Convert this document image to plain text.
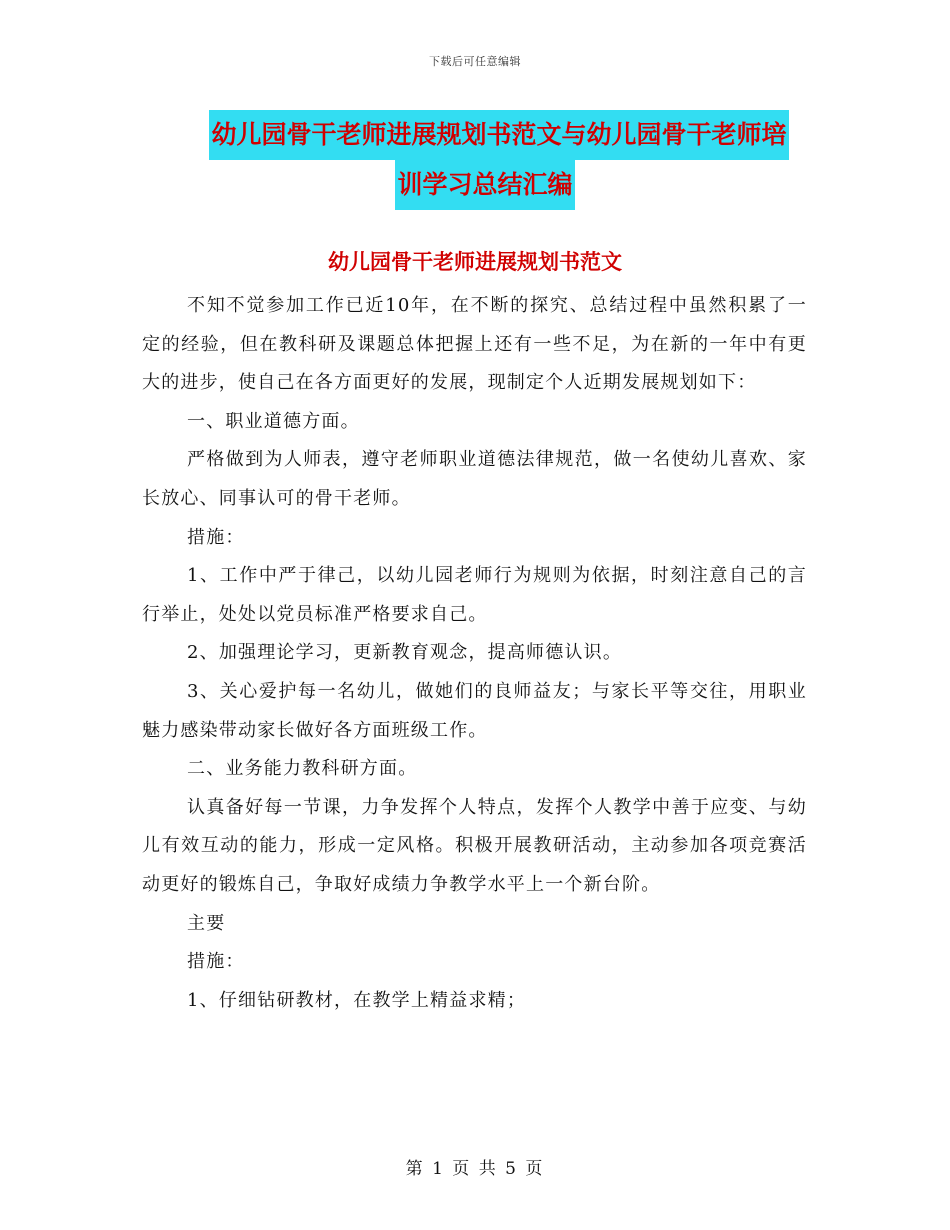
下载后可任意编辑
幼儿园骨干老师进展规划书范文与幼儿园骨干老师培
训学习总结汇编
幼儿园骨干老师进展规划书范文

不知不觉参加工作已近10年，在不断的探究、总结过程中虽然积累了一定的经验，但在教科研及课题总体把握上还有一些不足，为在新的一年中有更大的进步，使自己在各方面更好的发展，现制定个人近期发展规划如下：

一、职业道德方面。

严格做到为人师表，遵守老师职业道德法律规范，做一名使幼儿喜欢、家长放心、同事认可的骨干老师。

措施：

1、工作中严于律己，以幼儿园老师行为规则为依据，时刻注意自己的言行举止，处处以党员标准严格要求自己。

2、加强理论学习，更新教育观念，提高师德认识。

3、关心爱护每一名幼儿，做她们的良师益友；与家长平等交往，用职业魅力感染带动家长做好各方面班级工作。

二、业务能力教科研方面。

认真备好每一节课，力争发挥个人特点，发挥个人教学中善于应变、与幼儿有效互动的能力，形成一定风格。积极开展教研活动，主动参加各项竞赛活动更好的锻炼自己，争取好成绩力争教学水平上一个新台阶。

主要

措施：

1、仔细钻研教材，在教学上精益求精；

第 1 页 共 5 页
